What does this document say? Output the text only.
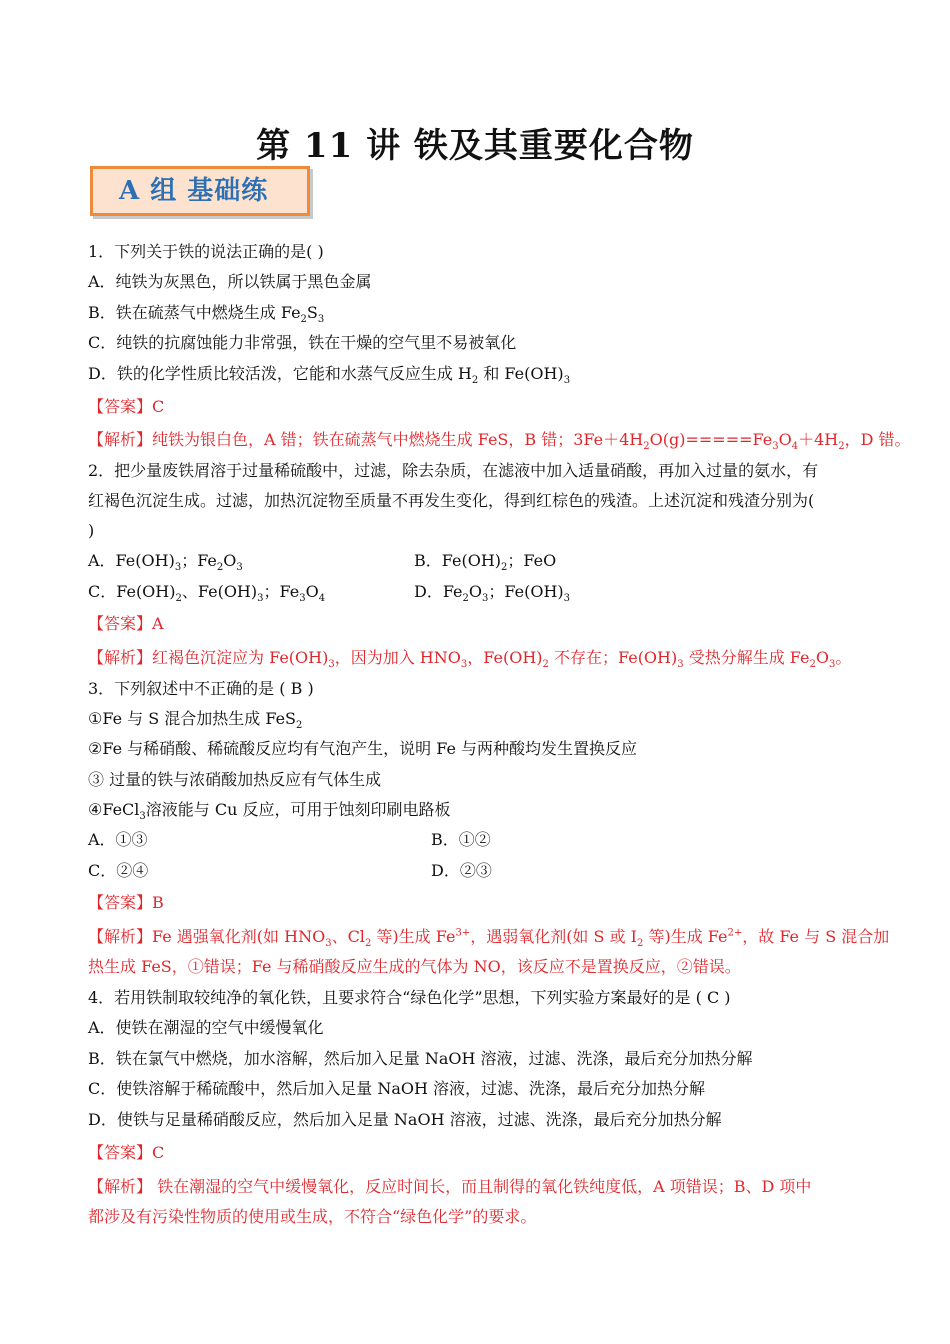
第 11 讲 铁及其重要化合物
A 组 基础练
1．下列关于铁的说法正确的是( )
A．纯铁为灰黑色，所以铁属于黑色金属
B．铁在硫蒸气中燃烧生成 $Fe_2S_3$
C．纯铁的抗腐蚀能力非常强，铁在干燥的空气里不易被氧化
D．铁的化学性质比较活泼，它能和水蒸气反应生成 $H_2$ 和 $Fe(OH)_3$
【答案】C
【解析】纯铁为银白色，A 错；铁在硫蒸气中燃烧生成 FeS，B 错；$3Fe+4H_2O(g)=====Fe_3O_4+4H_2$，D 错。
2．把少量废铁屑溶于过量稀硫酸中，过滤，除去杂质，在滤液中加入适量硝酸，再加入过量的氨水，有
红褐色沉淀生成。过滤，加热沉淀物至质量不再发生变化，得到红棕色的残渣。上述沉淀和残渣分别为(
)
A．$Fe(OH)_3$；$Fe_2O_3$	B．$Fe(OH)_2$；FeO
C．$Fe(OH)_2$、$Fe(OH)_3$；$Fe_3O_4$	D．$Fe_2O_3$；$Fe(OH)_3$
【答案】A
【解析】红褐色沉淀应为 $Fe(OH)_3$，因为加入 $HNO_3$，$Fe(OH)_2$ 不存在；$Fe(OH)_3$ 受热分解生成 $Fe_2O_3$。
3．下列叙述中不正确的是 ( B )
①Fe 与 S 混合加热生成 FeS$_2$
②Fe 与稀硝酸、稀硫酸反应均有气泡产生，说明 Fe 与两种酸均发生置换反应
③ 过量的铁与浓硝酸加热反应有气体生成
④FeCl$_3$溶液能与 Cu 反应，可用于蚀刻印刷电路板
A．①③	B．①②
C．②④	D．②③
【答案】B
【解析】Fe 遇强氧化剂(如 $HNO_3$、$Cl_2$ 等)生成 $Fe^{3+}$，遇弱氧化剂(如 S 或 $I_2$ 等)生成 $Fe^{2+}$，故 Fe 与 S 混合加
热生成 FeS，①错误；Fe 与稀硝酸反应生成的气体为 NO，该反应不是置换反应，②错误。
4．若用铁制取较纯净的氧化铁，且要求符合“绿色化学”思想，下列实验方案最好的是 ( C )
A．使铁在潮湿的空气中缓慢氧化
B．铁在氯气中燃烧，加水溶解，然后加入足量 NaOH 溶液，过滤、洗涤，最后充分加热分解
C．使铁溶解于稀硫酸中，然后加入足量 NaOH 溶液，过滤、洗涤，最后充分加热分解
D．使铁与足量稀硝酸反应，然后加入足量 NaOH 溶液，过滤、洗涤，最后充分加热分解
【答案】C
【解析】 铁在潮湿的空气中缓慢氧化，反应时间长，而且制得的氧化铁纯度低，A 项错误；B、D 项中
都涉及有污染性物质的使用或生成，不符合“绿色化学”的要求。
